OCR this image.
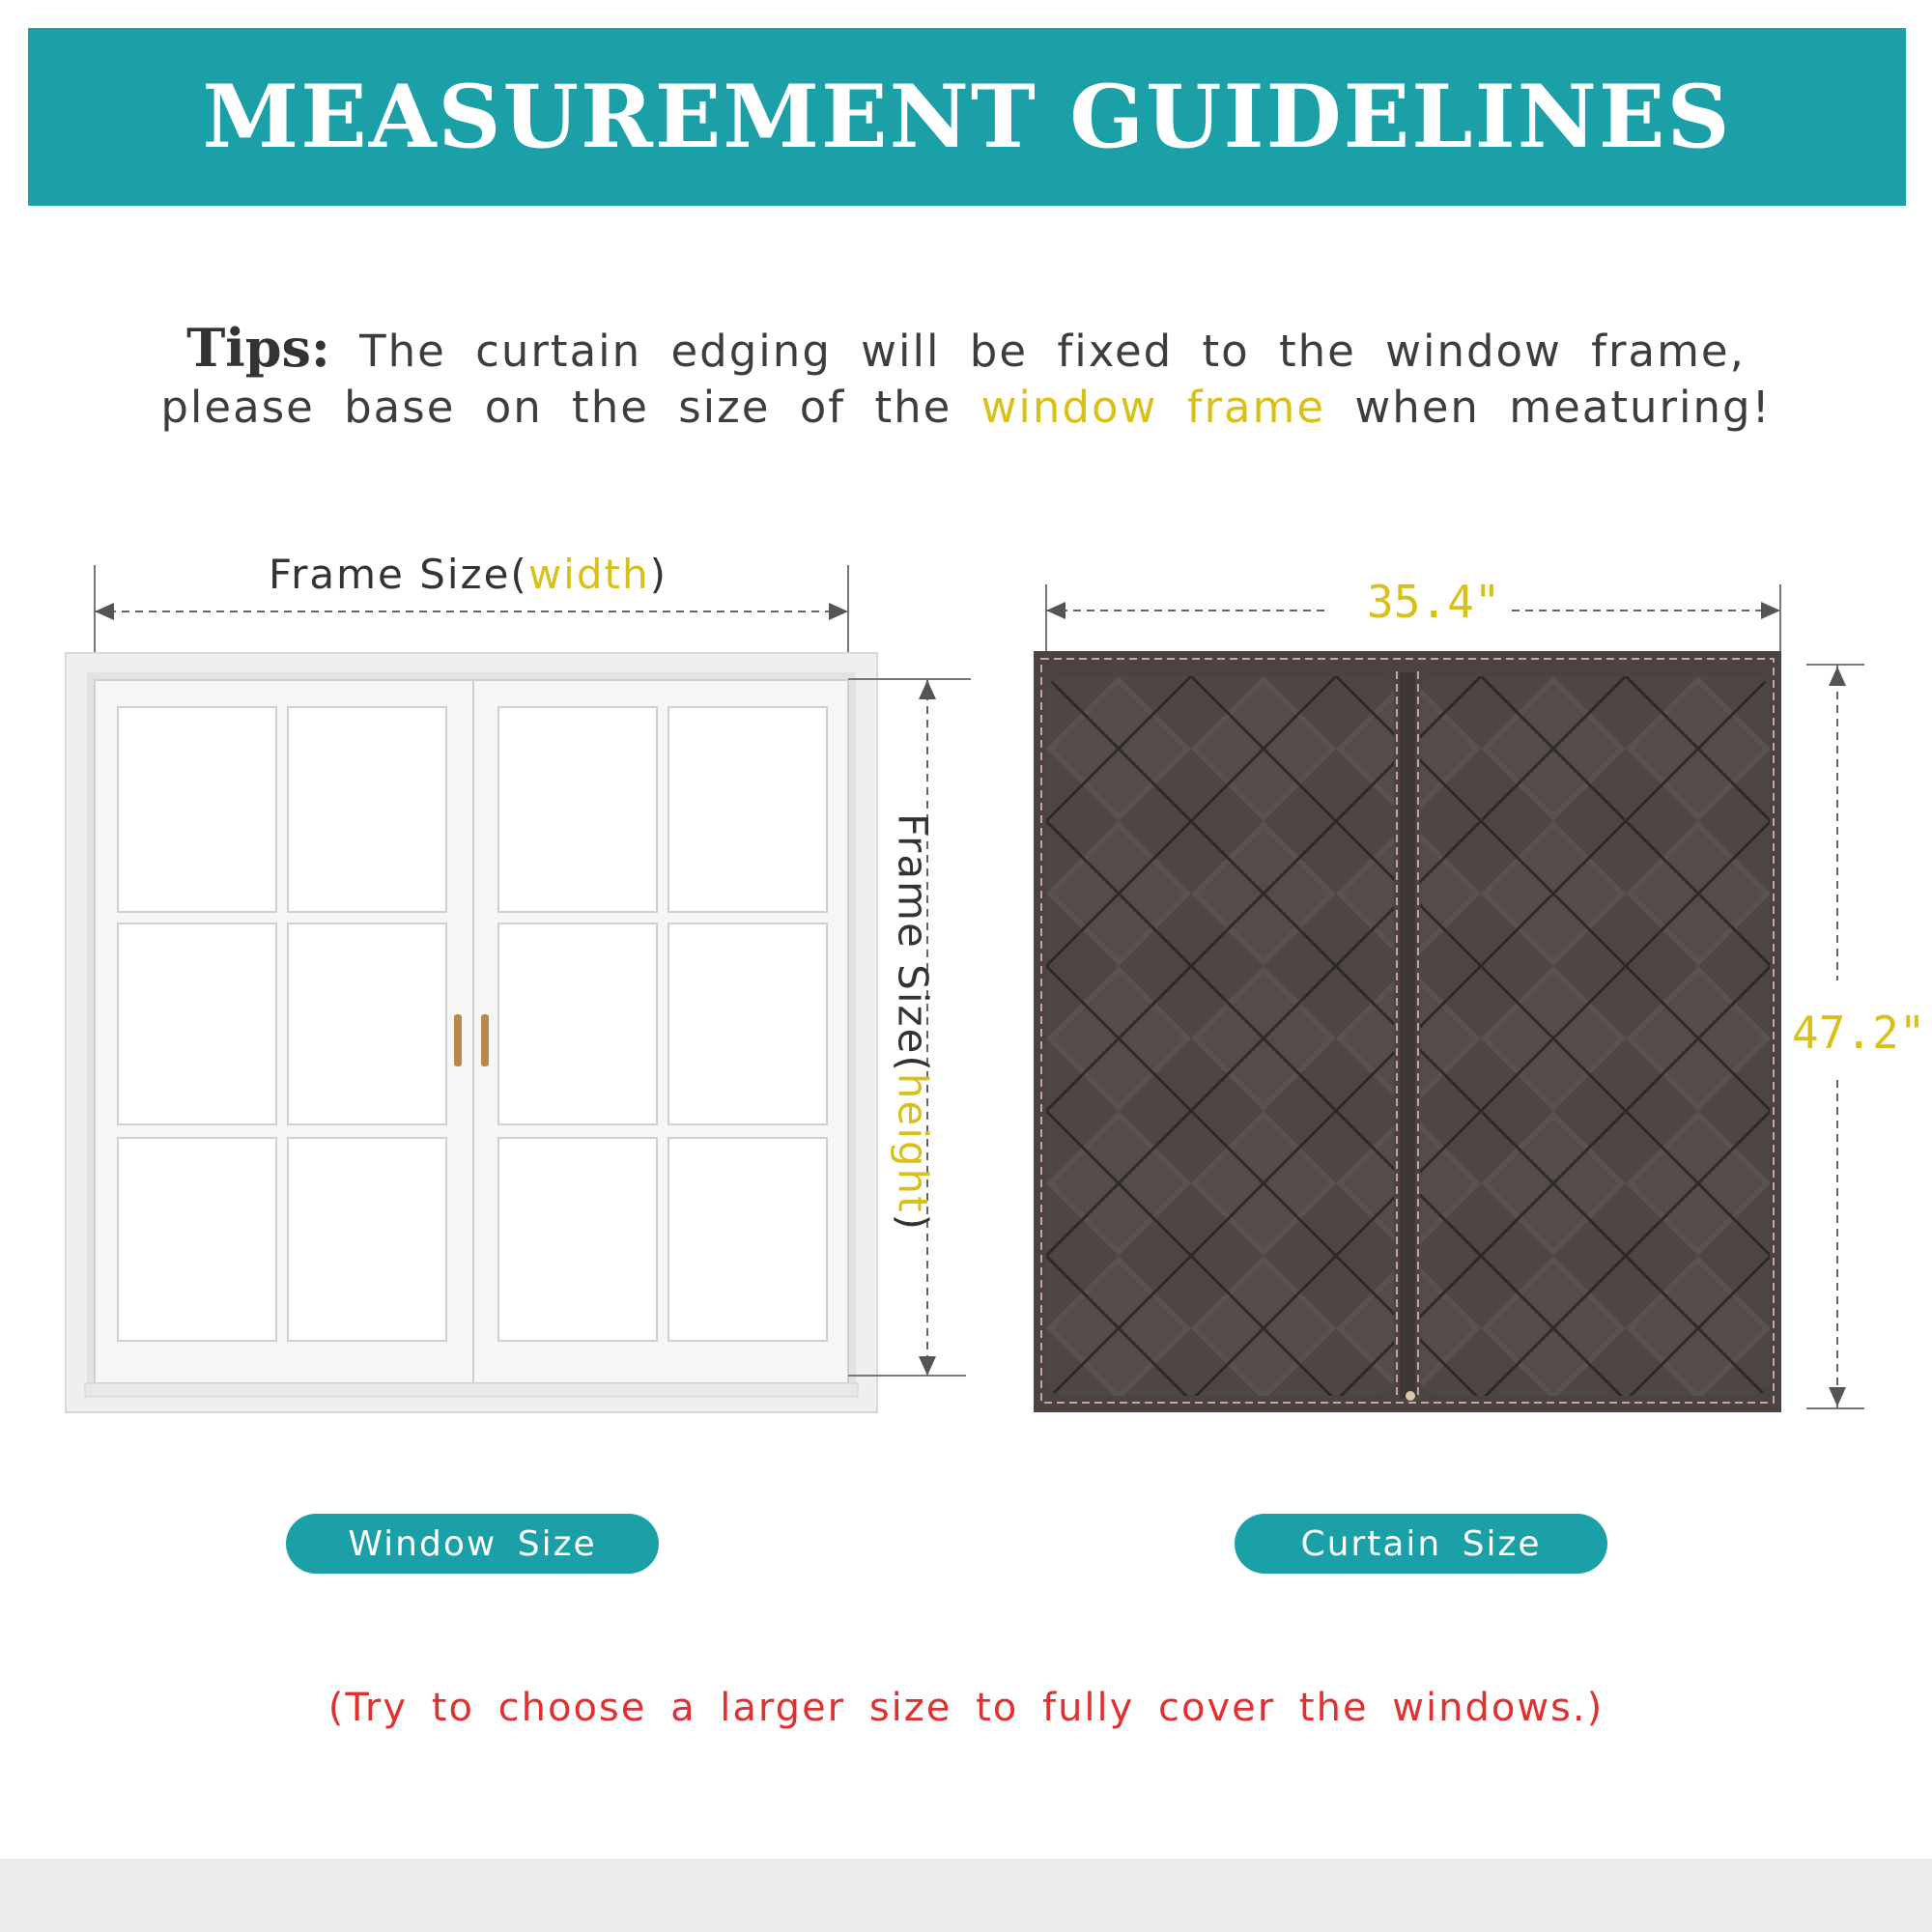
MEASUREMENT GUIDELINES
Tips: The curtain edging will be fixed to the window frame,
please base on the size of the window frame when meaturing!
Frame Size(width)
Frame Size(height)
35.4"
47.2"
Window Size	Curtain Size
(Try to choose a larger size to fully cover the windows.)
